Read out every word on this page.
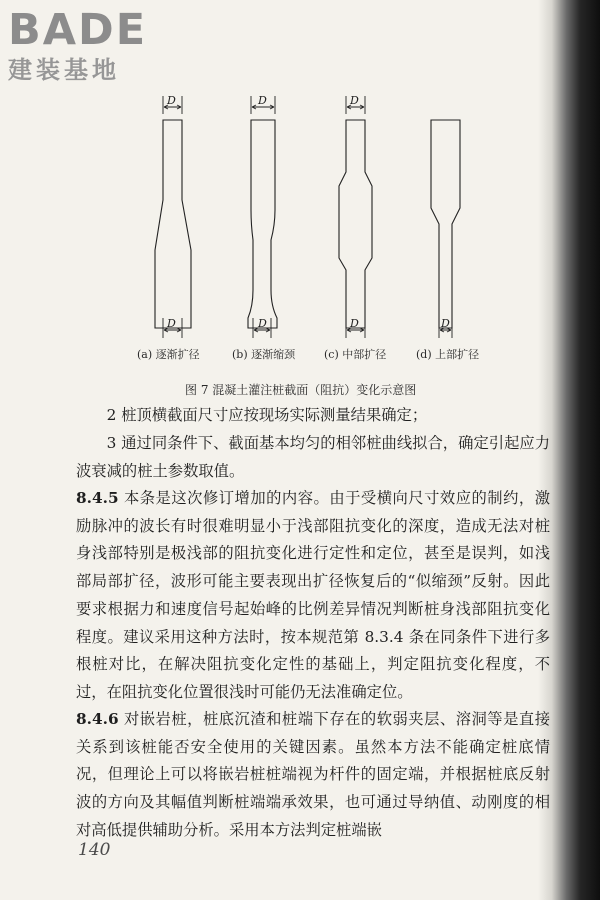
BADE
建装基地
D	D	D
D	D	D	D
(a) 逐渐扩径	(b) 逐渐缩颈	(c) 中部扩径	(d) 上部扩径
图 7 混凝土灌注桩截面（阻抗）变化示意图

　　2 桩顶横截面尺寸应按现场实际测量结果确定；

　　3 通过同条件下、截面基本均匀的相邻桩曲线拟合，确定引起应力波衰减的桩土参数取值。

8.4.5 本条是这次修订增加的内容。由于受横向尺寸效应的制约，激励脉冲的波长有时很难明显小于浅部阻抗变化的深度，造成无法对桩身浅部特别是极浅部的阻抗变化进行定性和定位，甚至是误判，如浅部局部扩径，波形可能主要表现出扩径恢复后的“似缩颈”反射。因此要求根据力和速度信号起始峰的比例差异情况判断桩身浅部阻抗变化程度。建议采用这种方法时，按本规范第 8.3.4 条在同条件下进行多根桩对比，在解决阻抗变化定性的基础上，判定阻抗变化程度，不过，在阻抗变化位置很浅时可能仍无法准确定位。

8.4.6 对嵌岩桩，桩底沉渣和桩端下存在的软弱夹层、溶洞等是直接关系到该桩能否安全使用的关键因素。虽然本方法不能确定桩底情况，但理论上可以将嵌岩桩桩端视为杆件的固定端，并根据桩底反射波的方向及其幅值判断桩端端承效果，也可通过导纳值、动刚度的相对高低提供辅助分析。采用本方法判定桩端嵌

140
